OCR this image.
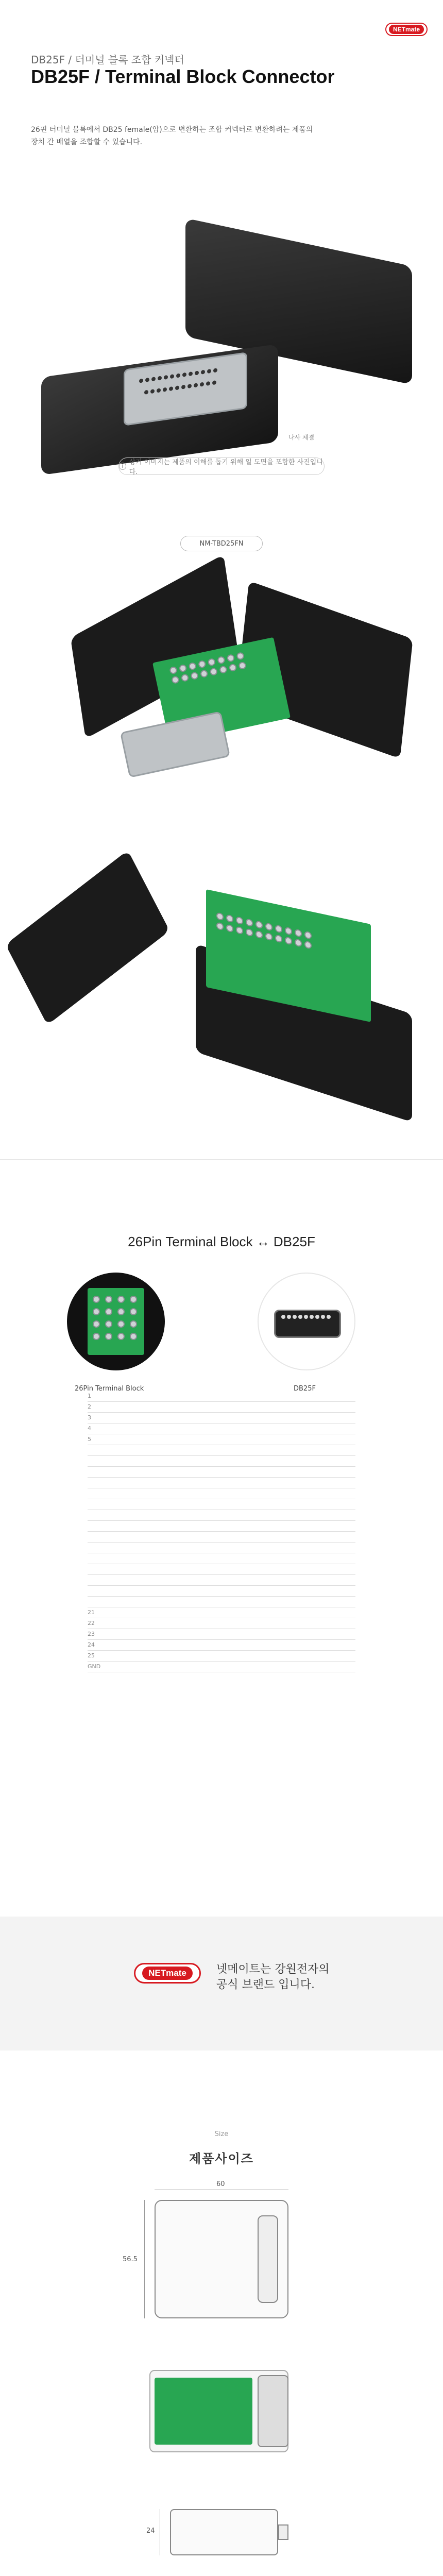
NETmate
DB25F / 터미널 블록 조합 커넥터
DB25F / Terminal Block Connector
26핀 터미널 블록에서 DB25 female(암)으로 변환하는 조합 커넥터로 변환하려는 제품의 장치 간 배열을 조합할 수 있습니다.
나사 체결
i 상기 이미지는 제품의 이해를 돕기 위해 일 도면을 포함한 사진입니다.
NM-TBD25FN
26Pin Terminal Block ↔ DB25F
26Pin Terminal Block	DB25F
1
2
3
4
5
21
22
23
24
25
GND
NETmate	넷메이트는 강원전자의
공식 브랜드 입니다.
Size
제품사이즈
60
56.5
24
